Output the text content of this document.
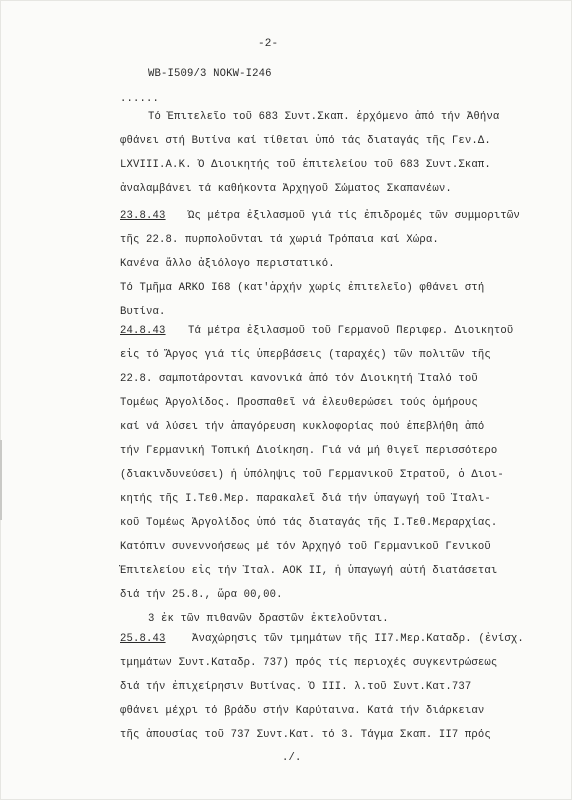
-2-
WB-I509/3 NOKW-I246
......
Τό Ἐπιτελεῖο τοῦ 683 Συντ.Σκαπ. ἐρχόμενο ἀπό τήν Ἀθήνα
φθάνει στή Βυτίνα καί τίθεται ὑπό τάς διαταγάς τῆς Γεν.Δ.
LXVIII.A.K. Ὁ Διοικητής τοῦ ἐπιτελείου τοῦ 683 Συντ.Σκαπ.
ἀναλαμβάνει τά καθήκοντα Ἀρχηγοῦ Σώματος Σκαπανέων.
23.8.43 Ὡς μέτρα ἐξιλασμοῦ γιά τίς ἐπιδρομές τῶν συμμοριτῶν
τῆς 22.8. πυρπολοῦνται τά χωριά Τρόπαια καί Χώρα.
Κανένα ἄλλο ἀξιόλογο περιστατικό.
Τό Τμῆμα ARKO I68 (κατ'ἀρχήν χωρίς ἐπιτελεῖο) φθάνει στή
Βυτίνα.
24.8.43 Τά μέτρα ἐξιλασμοῦ τοῦ Γερμανοῦ Περιφερ. Διοικητοῦ
εἰς τό Ἄργος γιά τίς ὑπερβάσεις (ταραχές) τῶν πολιτῶν τῆς
22.8. σαμποτάρονται κανονικά ἀπό τόν Διοικητή Ἰταλό τοῦ
Τομέως Ἀργολίδος. Προσπαθεῖ νά ἐλευθερώσει τούς ὁμήρους
καί νά λύσει τήν ἀπαγόρευση κυκλοφορίας πού ἐπεβλήθη ἀπό
τήν Γερμανική Τοπική Διοίκηση. Γιά νά μή θιγεῖ περισσότερο
(διακινδυνεύσει) ἡ ὑπόληψις τοῦ Γερμανικοῦ Στρατοῦ, ὁ Διοι-
κητής τῆς I.Τεθ.Μερ. παρακαλεῖ διά τήν ὑπαγωγή τοῦ Ἰταλι-
κοῦ Τομέως Ἀργολίδος ὑπό τάς διαταγάς τῆς I.Τεθ.Μεραρχίας.
Κατόπιν συνεννοήσεως μέ τόν Ἀρχηγό τοῦ Γερμανικοῦ Γενικοῦ
Ἐπιτελείου εἰς τήν Ἰταλ. AOK II, ἡ ὑπαγωγή αὐτή διατάσεται
διά τήν 25.8., ὥρα 00,00.
3 ἐκ τῶν πιθανῶν δραστῶν ἐκτελοῦνται.
25.8.43 Ἀναχώρησις τῶν τμημάτων τῆς II7.Μερ.Καταδρ. (ἐνίσχ.
τμημάτων Συντ.Καταδρ. 737) πρός τίς περιοχές συγκεντρώσεως
διά τήν ἐπιχείρησιν Βυτίνας. Ὁ III. λ.τοῦ Συντ.Κατ.737
φθάνει μέχρι τό βράδυ στήν Καρύταινα. Κατά τήν διάρκειαν
τῆς ἀπουσίας τοῦ 737 Συντ.Κατ. τό 3. Τάγμα Σκαπ. II7 πρός
./.
